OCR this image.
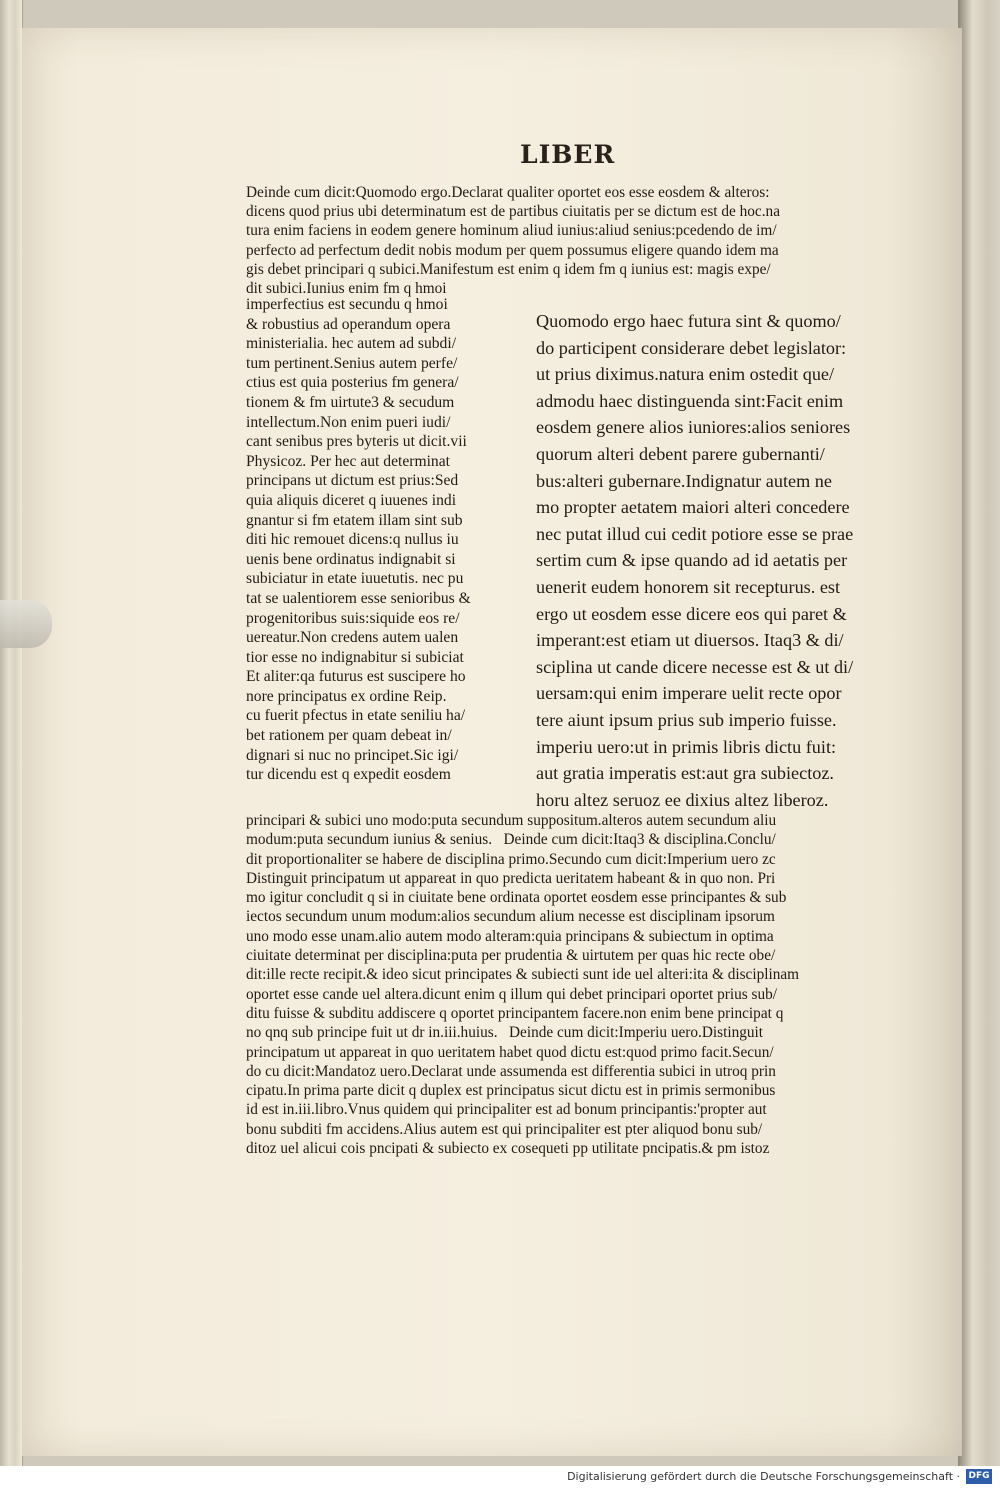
LIBER
Deinde cum dicit:Quomodo ergo.Declarat qualiter oportet eos esse eosdem & alteros:
dicens quod prius ubi determinatum est de partibus ciuitatis per se dictum est de hoc.na
tura enim faciens in eodem genere hominum aliud iunius:aliud senius:pcedendo de im/
perfecto ad perfectum dedit nobis modum per quem possumus eligere quando idem ma
gis debet principari q subici.Manifestum est enim q idem fm q iunius est: magis expe/
dit subici.Iunius enim fm q hmoi
imperfectius est secundu q hmoi
& robustius ad operandum opera
ministerialia. hec autem ad subdi/
tum pertinent.Senius autem perfe/
ctius est quia posterius fm genera/
tionem & fm uirtute3 & secudum
intellectum.Non enim pueri iudi/
cant senibus pres byteris ut dicit.vii
Physicoz. Per hec aut determinat
principans ut dictum est prius:Sed
quia aliquis diceret q iuuenes indi
gnantur si fm etatem illam sint sub
diti hic remouet dicens:q nullus iu
uenis bene ordinatus indignabit si
subiciatur in etate iuuetutis. nec pu
tat se ualentiorem esse senioribus &
progenitoribus suis:siquide eos re/
uereatur.Non credens autem ualen
tior esse no indignabitur si subiciat
Et aliter:qa futurus est suscipere ho
nore principatus ex ordine Reip.
cu fuerit pfectus in etate seniliu ha/
bet rationem per quam debeat in/
dignari si nuc no principet.Sic igi/
tur dicendu est q expedit eosdem
Quomodo ergo haec futura sint & quomo/
do participent considerare debet legislator:
ut prius diximus.natura enim ostedit que/
admodu haec distinguenda sint:Facit enim
eosdem genere alios iuniores:alios seniores
quorum alteri debent parere gubernanti/
bus:alteri gubernare.Indignatur autem ne
mo propter aetatem maiori alteri concedere
nec putat illud cui cedit potiore esse se prae
sertim cum & ipse quando ad id aetatis per
uenerit eudem honorem sit recepturus. est
ergo ut eosdem esse dicere eos qui paret &
imperant:est etiam ut diuersos. Itaq3 & di/
sciplina ut cande dicere necesse est & ut di/
uersam:qui enim imperare uelit recte opor
tere aiunt ipsum prius sub imperio fuisse.
imperiu uero:ut in primis libris dictu fuit:
aut gratia imperatis est:aut gra subiectoz.
horu altez seruoz ee dixius altez liberoz.
principari & subici uno modo:puta secundum suppositum.alteros autem secundum aliu
modum:puta secundum iunius & senius.   Deinde cum dicit:Itaq3 & disciplina.Conclu/
dit proportionaliter se habere de disciplina primo.Secundo cum dicit:Imperium uero zc
Distinguit principatum ut appareat in quo predicta ueritatem habeant & in quo non. Pri
mo igitur concludit q si in ciuitate bene ordinata oportet eosdem esse principantes & sub
iectos secundum unum modum:alios secundum alium necesse est disciplinam ipsorum
uno modo esse unam.alio autem modo alteram:quia principans & subiectum in optima
ciuitate determinat per disciplina:puta per prudentia & uirtutem per quas hic recte obe/
dit:ille recte recipit.& ideo sicut principates & subiecti sunt ide uel alteri:ita & disciplinam
oportet esse cande uel altera.dicunt enim q illum qui debet principari oportet prius sub/
ditu fuisse & subditu addiscere q oportet principantem facere.non enim bene principat q
no qnq sub principe fuit ut dr in.iii.huius.   Deinde cum dicit:Imperiu uero.Distinguit
principatum ut appareat in quo ueritatem habet quod dictu est:quod primo facit.Secun/
do cu dicit:Mandatoz uero.Declarat unde assumenda est differentia subici in utroq prin
cipatu.In prima parte dicit q duplex est principatus sicut dictu est in primis sermonibus
id est in.iii.libro.Vnus quidem qui principaliter est ad bonum principantis:'propter aut
bonu subditi fm accidens.Alius autem est qui principaliter est pter aliquod bonu sub/
ditoz uel alicui cois pncipati & subiecto ex cosequeti pp utilitate pncipatis.& pm istoz
Digitalisierung gefördert durch die Deutsche Forschungsgemeinschaft · DFG
